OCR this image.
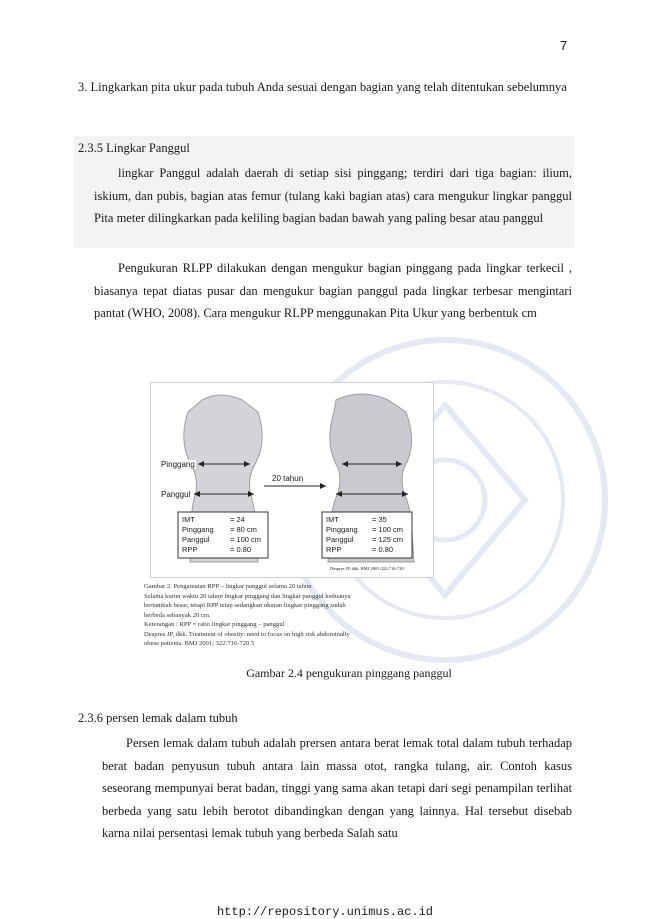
7
3. Lingkarkan pita ukur pada tubuh Anda sesuai dengan bagian yang telah ditentukan sebelumnya
2.3.5 Lingkar Panggul
lingkar Panggul adalah daerah di setiap sisi pinggang; terdiri dari tiga bagian: ilium, iskium, dan pubis, bagian atas femur (tulang kaki bagian atas) cara mengukur lingkar panggul Pita meter dilingkarkan pada keliling bagian badan bawah yang paling besar atau panggul
Pengukuran RLPP dilakukan dengan mengukur bagian pinggang pada lingkar terkecil , biasanya tepat diatas pusar dan mengukur bagian panggul pada lingkar terbesar mengintari pantat (WHO, 2008). Cara mengukur RLPP menggunakan Pita Ukur yang berbentuk cm
Pinggang
Panggul
20 tahun
IMT
Pinggang
Panggul
RPP
= 24
= 80 cm
= 100 cm
= 0.80
IMT
Pinggang
Panggul
RPP
= 35
= 100 cm
= 125 cm
= 0.80
Despres JP, dkk. BMJ 2001;322:716-720
Gambar 2. Pengamatan RPP – lingkar panggul selama 20 tahun
Selama kurun waktu 20 tahun lingkar pinggang dan lingkar panggul keduanya
bertambah besar, tetapi RPP tetap sedangkan ukuran lingkar pinggang sudah
berbeda sebanyak 20 cm.
Keterangan : RPP = ratio lingkar pinggang – panggul
Despres JP, dkk. Treatment of obesity: need to focus on high risk abdominally
obese patients. BMJ 2001; 322:716-720 5
Gambar 2.4 pengukuran pinggang panggul
2.3.6 persen lemak dalam tubuh
Persen lemak dalam tubuh adalah prersen antara berat lemak total dalam tubuh terhadap berat badan penyusun tubuh antara lain massa otot, rangka tulang, air. Contoh kasus seseorang mempunyai berat badan, tinggi yang sama akan tetapi dari segi penampilan terlihat berbeda yang satu lebih berotot dibandingkan dengan yang lainnya. Hal tersebut disebab karna nilai persentasi lemak tubuh yang berbeda Salah satu
http://repository.unimus.ac.id
